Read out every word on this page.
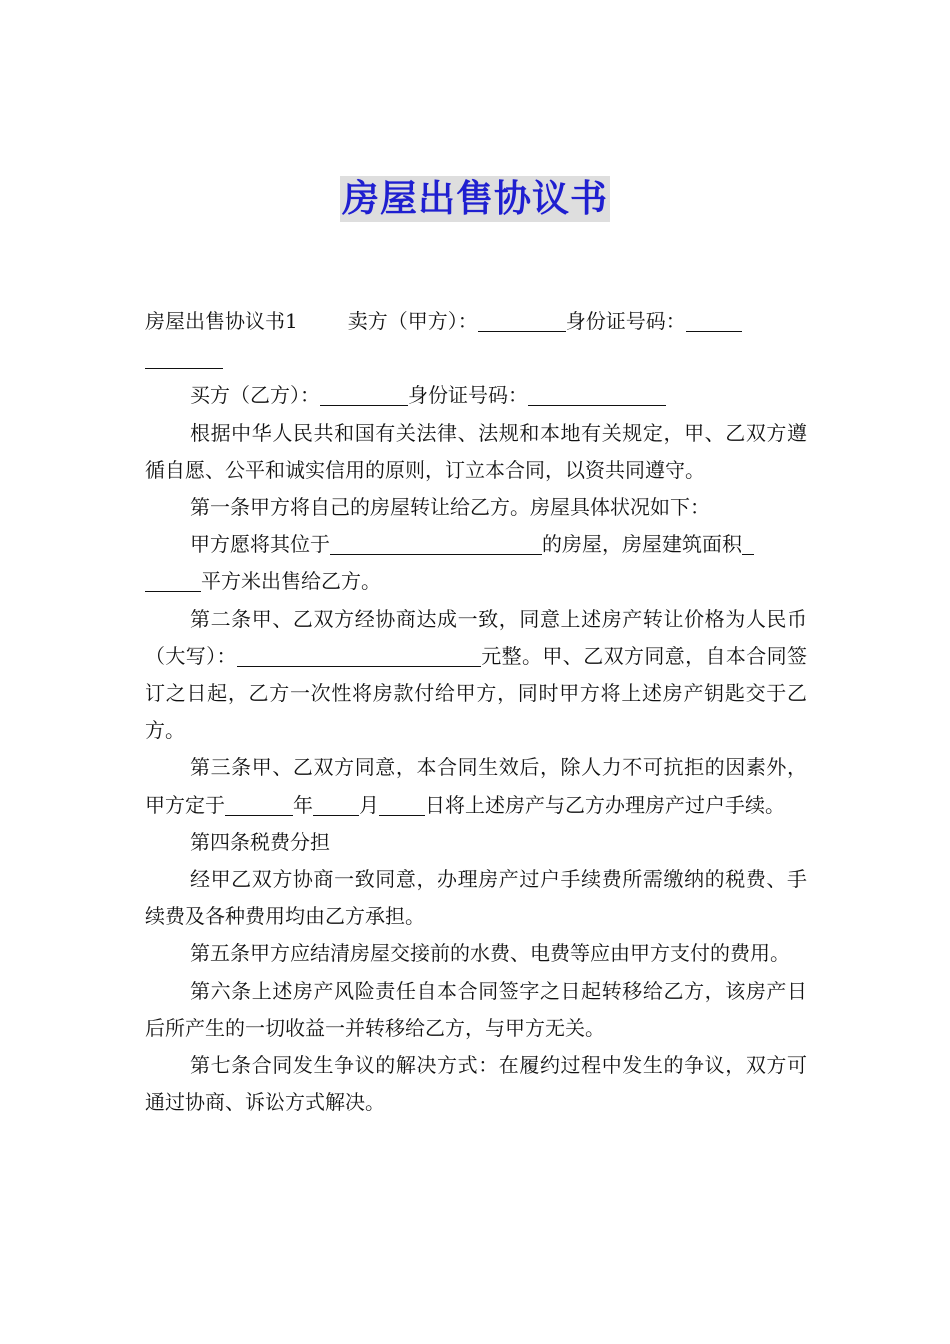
房屋出售协议书

房屋出售协议书1	卖方（甲方）：	身份证号码：

买方（乙方）：	身份证号码：

根据中华人民共和国有关法律、法规和本地有关规定，甲、乙双方遵循自愿、公平和诚实信用的原则，订立本合同，以资共同遵守。

第一条甲方将自己的房屋转让给乙方。房屋具体状况如下：

甲方愿将其位于	的房屋，房屋建筑面积
平方米出售给乙方。

第二条甲、乙双方经协商达成一致，同意上述房产转让价格为人民币（大写）：	元整。甲、乙双方同意，自本合同签订之日起，乙方一次性将房款付给甲方，同时甲方将上述房产钥匙交于乙方。

第三条甲、乙双方同意，本合同生效后，除人力不可抗拒的因素外，甲方定于	年 月 日将上述房产与乙方办理房产过户手续。

第四条税费分担

经甲乙双方协商一致同意，办理房产过户手续费所需缴纳的税费、手续费及各种费用均由乙方承担。

第五条甲方应结清房屋交接前的水费、电费等应由甲方支付的费用。

第六条上述房产风险责任自本合同签字之日起转移给乙方，该房产日后所产生的一切收益一并转移给乙方，与甲方无关。

第七条合同发生争议的解决方式：在履约过程中发生的争议，双方可通过协商、诉讼方式解决。
